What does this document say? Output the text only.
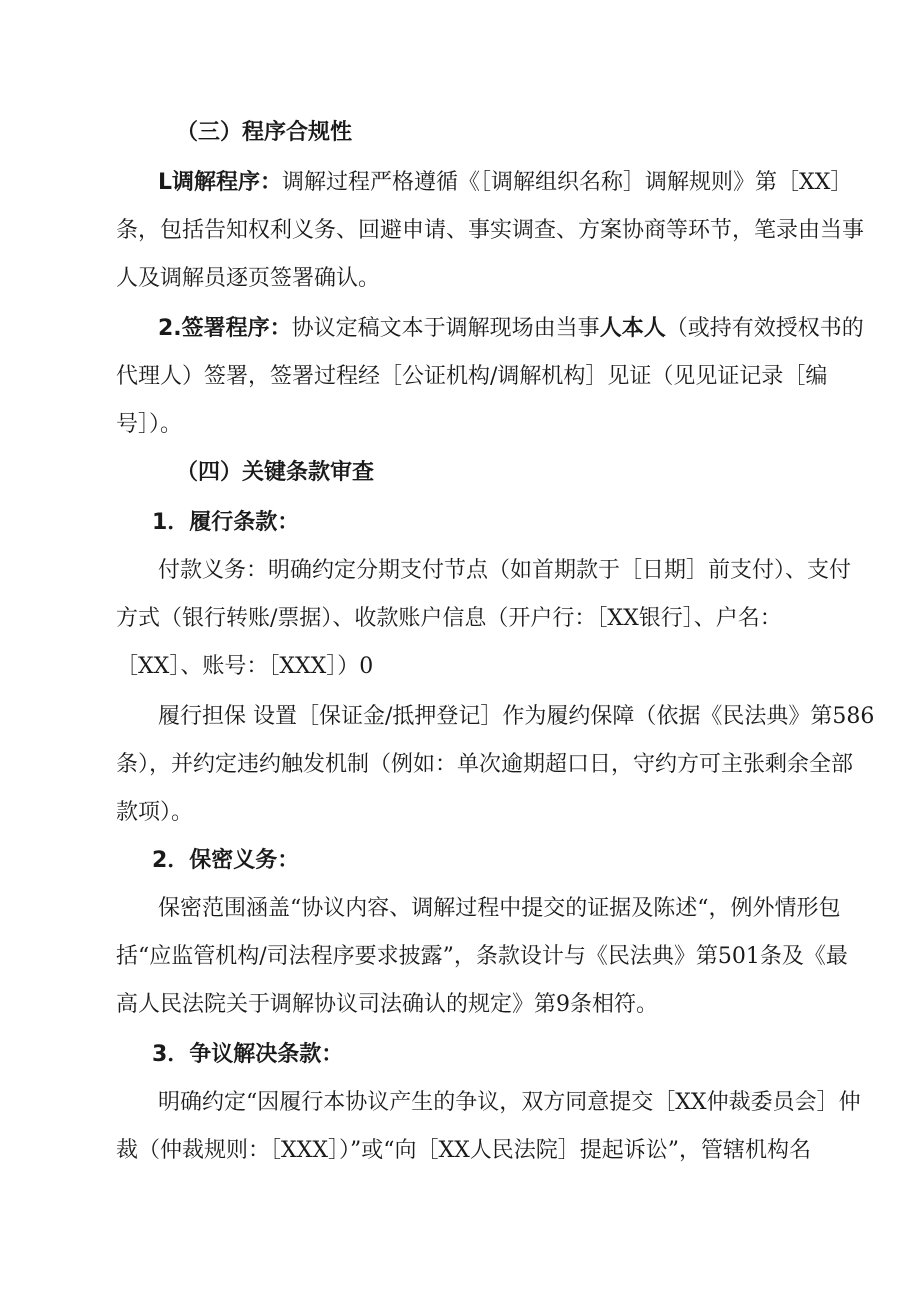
（三）程序合规性
L调解程序：调解过程严格遵循《［调解组织名称］调解规则》第［XX］
条，包括告知权利义务、回避申请、事实调查、方案协商等环节，笔录由当事
人及调解员逐页签署确认。
2.签署程序：协议定稿文本于调解现场由当事人本人（或持有效授权书的
代理人）签署，签署过程经［公证机构/调解机构］见证（见见证记录［编
号］）。
（四）关键条款审查
1．履行条款：
付款义务：明确约定分期支付节点（如首期款于［日期］前支付）、支付
方式（银行转账/票据）、收款账户信息（开户行：［XX银行］、户名：
［XX］、账号：［XXX］）0
履行担保 设置［保证金/抵押登记］作为履约保障（依据《民法典》第586
条），并约定违约触发机制（例如：单次逾期超口日，守约方可主张剩余全部
款项）。
2．保密义务：
保密范围涵盖“协议内容、调解过程中提交的证据及陈述“，例外情形包
括“应监管机构/司法程序要求披露”，条款设计与《民法典》第501条及《最
高人民法院关于调解协议司法确认的规定》第9条相符。
3．争议解决条款：
明确约定“因履行本协议产生的争议，双方同意提交［XX仲裁委员会］仲
裁（仲裁规则：［XXX］）”或“向［XX人民法院］提起诉讼”，管辖机构名
